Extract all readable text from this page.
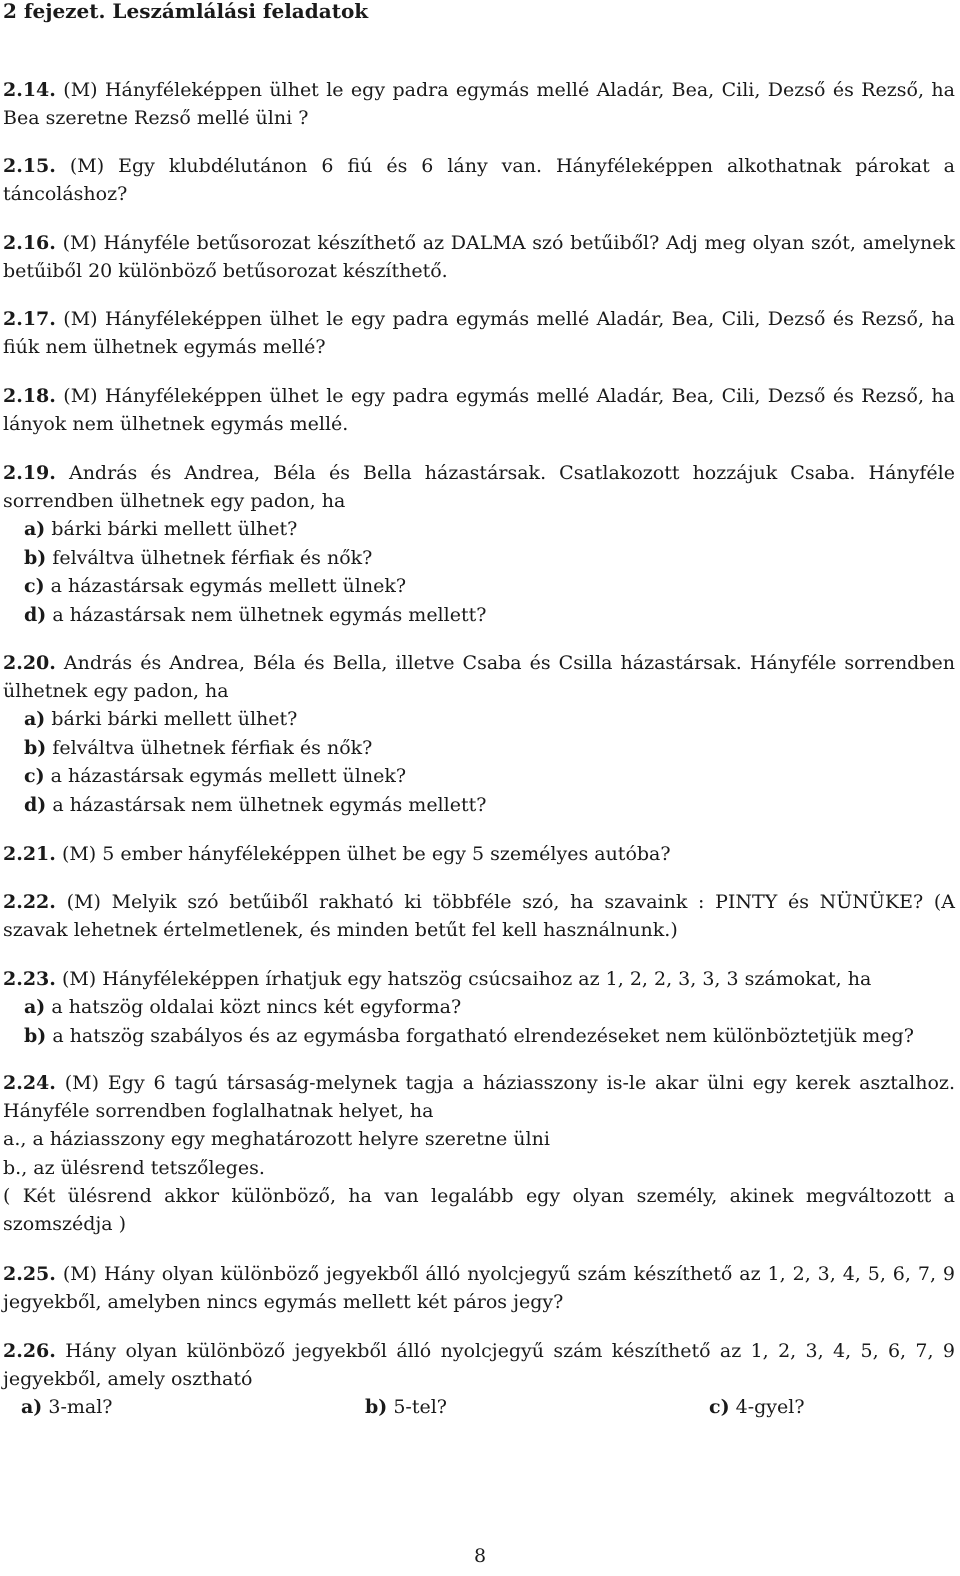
2 fejezet. Leszámlálási feladatok
2.14. (M) Hányféleképpen ülhet le egy padra egymás mellé Aladár, Bea, Cili, Dezső és Rezső, ha Bea szeretne Rezső mellé ülni ?
2.15. (M) Egy klubdélutánon 6 fiú és 6 lány van. Hányféleképpen alkothatnak párokat a táncoláshoz?
2.16. (M) Hányféle betűsorozat készíthető az DALMA szó betűiből? Adj meg olyan szót, amelynek betűiből 20 különböző betűsorozat készíthető.
2.17. (M) Hányféleképpen ülhet le egy padra egymás mellé Aladár, Bea, Cili, Dezső és Rezső, ha fiúk nem ülhetnek egymás mellé?
2.18. (M) Hányféleképpen ülhet le egy padra egymás mellé Aladár, Bea, Cili, Dezső és Rezső, ha lányok nem ülhetnek egymás mellé.
2.19. András és Andrea, Béla és Bella házastársak. Csatlakozott hozzájuk Csaba. Hányféle sorrendben ülhetnek egy padon, ha
a) bárki bárki mellett ülhet?
b) felváltva ülhetnek férfiak és nők?
c) a házastársak egymás mellett ülnek?
d) a házastársak nem ülhetnek egymás mellett?
2.20. András és Andrea, Béla és Bella, illetve Csaba és Csilla házastársak. Hányféle sorrendben ülhetnek egy padon, ha
a) bárki bárki mellett ülhet?
b) felváltva ülhetnek férfiak és nők?
c) a házastársak egymás mellett ülnek?
d) a házastársak nem ülhetnek egymás mellett?
2.21. (M) 5 ember hányféleképpen ülhet be egy 5 személyes autóba?
2.22. (M) Melyik szó betűiből rakható ki többféle szó, ha szavaink : PINTY és NÜNÜKE? (A szavak lehetnek értelmetlenek, és minden betűt fel kell használnunk.)
2.23. (M) Hányféleképpen írhatjuk egy hatszög csúcsaihoz az 1, 2, 2, 3, 3, 3 számokat, ha
a) a hatszög oldalai közt nincs két egyforma?
b) a hatszög szabályos és az egymásba forgatható elrendezéseket nem különböztetjük meg?
2.24. (M) Egy 6 tagú társaság-melynek tagja a háziasszony is-le akar ülni egy kerek asztalhoz. Hányféle sorrendben foglalhatnak helyet, ha
a., a háziasszony egy meghatározott helyre szeretne ülni
b., az ülésrend tetszőleges.
( Két ülésrend akkor különböző, ha van legalább egy olyan személy, akinek megváltozott a szomszédja )
2.25. (M) Hány olyan különböző jegyekből álló nyolcjegyű szám készíthető az 1, 2, 3, 4, 5, 6, 7, 9 jegyekből, amelyben nincs egymás mellett két páros jegy?
2.26. Hány olyan különböző jegyekből álló nyolcjegyű szám készíthető az 1, 2, 3, 4, 5, 6, 7, 9 jegyekből, amely osztható
a) 3-mal?	b) 5-tel?	c) 4-gyel?
8
